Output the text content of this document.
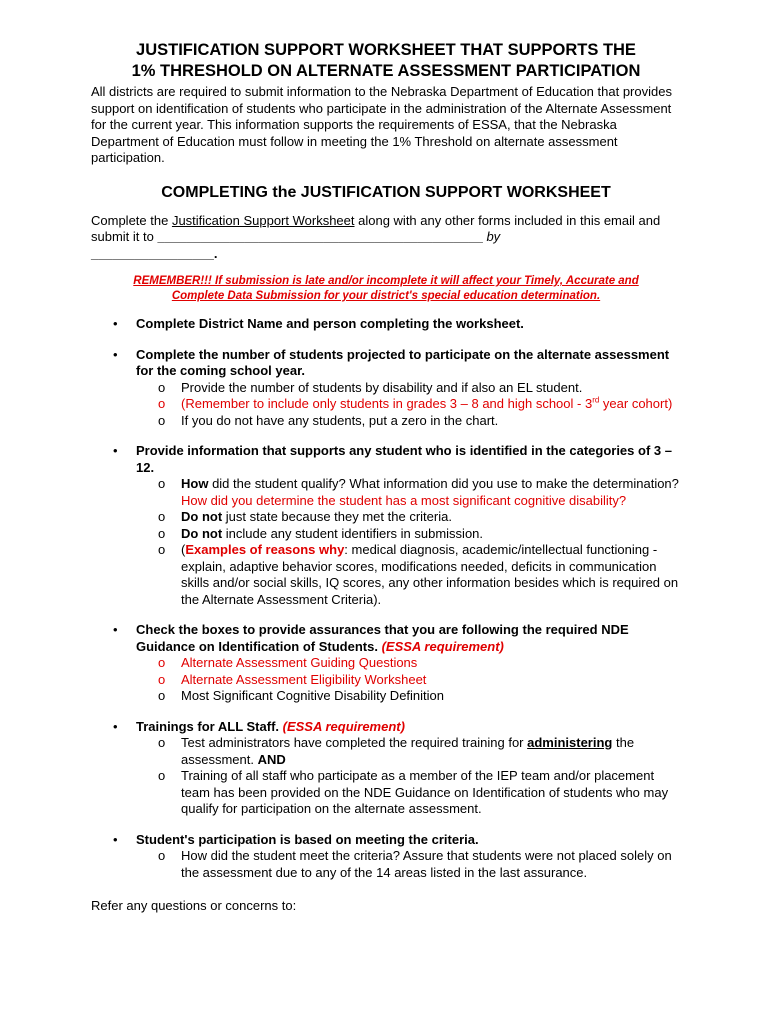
JUSTIFICATION SUPPORT WORKSHEET THAT SUPPORTS THE
1% THRESHOLD ON ALTERNATE ASSESSMENT PARTICIPATION

All districts are required to submit information to the Nebraska Department of Education that provides support on identification of students who participate in the administration of the Alternate Assessment for the current year. This information supports the requirements of ESSA, that the Nebraska Department of Education must follow in meeting the 1% Threshold on alternate assessment participation.

COMPLETING the JUSTIFICATION SUPPORT WORKSHEET

Complete the Justification Support Worksheet along with any other forms included in this email and submit it to _____________________________________________ by
_________________.

REMEMBER!!! If submission is late and/or incomplete it will affect your Timely, Accurate and
Complete Data Submission for your district's special education determination.
• Complete District Name and person completing the worksheet.
• Complete the number of students projected to participate on the alternate assessment for the coming school year.
o Provide the number of students by disability and if also an EL student.
o (Remember to include only students in grades 3 – 8 and high school - 3rd year cohort)
o If you do not have any students, put a zero in the chart.
• Provide information that supports any student who is identified in the categories of 3 – 12.
o How did the student qualify? What information did you use to make the determination? How did you determine the student has a most significant cognitive disability?
o Do not just state because they met the criteria.
o Do not include any student identifiers in submission.
o (Examples of reasons why: medical diagnosis, academic/intellectual functioning - explain, adaptive behavior scores, modifications needed, deficits in communication skills and/or social skills, IQ scores, any other information besides which is required on the Alternate Assessment Criteria).
• Check the boxes to provide assurances that you are following the required NDE Guidance on Identification of Students. (ESSA requirement)
o Alternate Assessment Guiding Questions
o Alternate Assessment Eligibility Worksheet
o Most Significant Cognitive Disability Definition
• Trainings for ALL Staff. (ESSA requirement)
o Test administrators have completed the required training for administering the assessment. AND
o Training of all staff who participate as a member of the IEP team and/or placement team has been provided on the NDE Guidance on Identification of students who may qualify for participation on the alternate assessment.
• Student's participation is based on meeting the criteria.
o How did the student meet the criteria? Assure that students were not placed solely on the assessment due to any of the 14 areas listed in the last assurance.
Refer any questions or concerns to:
